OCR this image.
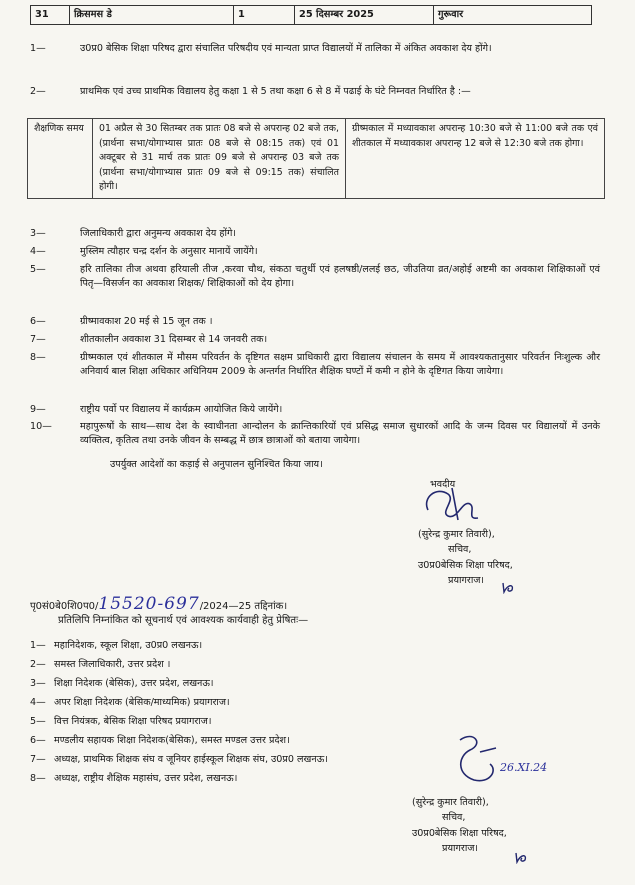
31	क्रिसमस डे	1	25 दिसम्बर 2025	गुरूवार
1—	उ0प्र0 बेसिक शिक्षा परिषद द्वारा संचालित परिषदीय एवं मान्यता प्राप्त विद्यालयों में तालिका में अंकित अवकाश देय होंगे।
2—	प्राथमिक एवं उच्च प्राथमिक विद्यालय हेतु कक्षा 1 से 5 तथा कक्षा 6 से 8 में पढाई के घंटे निम्नवत निर्धारित है :—
शैक्षणिक समय	01 अप्रैल से 30 सितम्बर तक प्रातः 08 बजे से अपरान्ह 02 बजे तक, (प्रार्थना सभा/योगाभ्यास प्रातः 08 बजे से 08:15 तक) एवं 01 अक्टूबर से 31 मार्च तक प्रातः 09 बजे से अपरान्ह 03 बजे तक (प्रार्थना सभा/योगाभ्यास प्रातः 09 बजे से 09:15 तक) संचालित होगी।	ग्रीष्मकाल में मध्यावकाश अपरान्ह 10:30 बजे से 11:00 बजे तक एवं शीतकाल में मध्यावकाश अपरान्ह 12 बजे से 12:30 बजे तक होगा।
3—	जिलाधिकारी द्वारा अनुमन्य अवकाश देय होंगे।
4—	मुस्लिम त्यौहार चन्द्र दर्शन के अनुसार मानायें जायेंगे।
5—	हरि तालिका तीज अथवा हरियाली तीज ,करवा चौथ, संकठा चतुर्थी एवं हलषष्ठी/ललई छठ, जीउतिया व्रत/अहोई अष्टमी का अवकाश शिक्षिकाओं एवं पितृ—विसर्जन का अवकाश शिक्षक/ शिक्षिकाओं को देय होगा।
6—	ग्रीष्मावकाश 20 मई से 15 जून तक ।
7—	शीतकालीन अवकाश 31 दिसम्बर से 14 जनवरी तक।
8—	ग्रीष्मकाल एवं शीतकाल में मौसम परिवर्तन के दृष्टिगत सक्षम प्राधिकारी द्वारा विद्यालय संचालन के समय में आवश्यकतानुसार परिवर्तन निःशुल्क और अनिवार्य बाल शिक्षा अधिकार अधिनियम 2009 के अन्तर्गत निर्धारित शैक्षिक घण्टों में कमी न होने के दृष्टिगत किया जायेगा।
9—	राष्ट्रीय पर्वो पर विद्यालय में कार्यक्रम आयोजित किये जायेंगे।
10—	महापुरूषों के साथ—साथ देश के स्वाधीनता आन्दोलन के क्रान्तिकारियों एवं प्रसिद्ध समाज सुधारकों आदि के जन्म दिवस पर विद्यालयों में उनके व्यक्तित्व, कृतित्व तथा उनके जीवन के सम्बद्ध में छात्र छात्राओं को बताया जायेगा।
उपर्युक्त आदेशों का कड़ाई से अनुपालन सुनिश्चित किया जाय।
भवदीय
(सुरेन्द्र कुमार तिवारी),
सचिव,
उ0प्र0बेसिक शिक्षा परिषद,
प्रयागराज।
पृ0सं0बे0शि0प0/15520-697/2024—25 तद्दिनांक।
प्रतिलिपि निम्नांकित को सूचनार्थ एवं आवश्यक कार्यवाही हेतु प्रेषितः—
1— महानिदेशक, स्कूल शिक्षा, उ0प्र0 लखनऊ।
2— समस्त जिलाधिकारी, उत्तर प्रदेश ।
3— शिक्षा निदेशक (बेसिक), उत्तर प्रदेश, लखनऊ।
4— अपर शिक्षा निदेशक (बेसिक/माध्यमिक) प्रयागराज।
5— वित्त नियंत्रक, बेसिक शिक्षा परिषद प्रयागराज।
6— मण्डलीय सहायक शिक्षा निदेशक(बेसिक), समस्त मण्डल उत्तर प्रदेश।
7— अध्यक्ष, प्राथमिक शिक्षक संघ व जूनियर हाईस्कूल शिक्षक संघ, उ0प्र0 लखनऊ।
8— अध्यक्ष, राष्ट्रीय शैक्षिक महासंघ, उत्तर प्रदेश, लखनऊ।
26.XI.24
(सुरेन्द्र कुमार तिवारी),
सचिव,
उ0प्र0बेसिक शिक्षा परिषद,
प्रयागराज।
